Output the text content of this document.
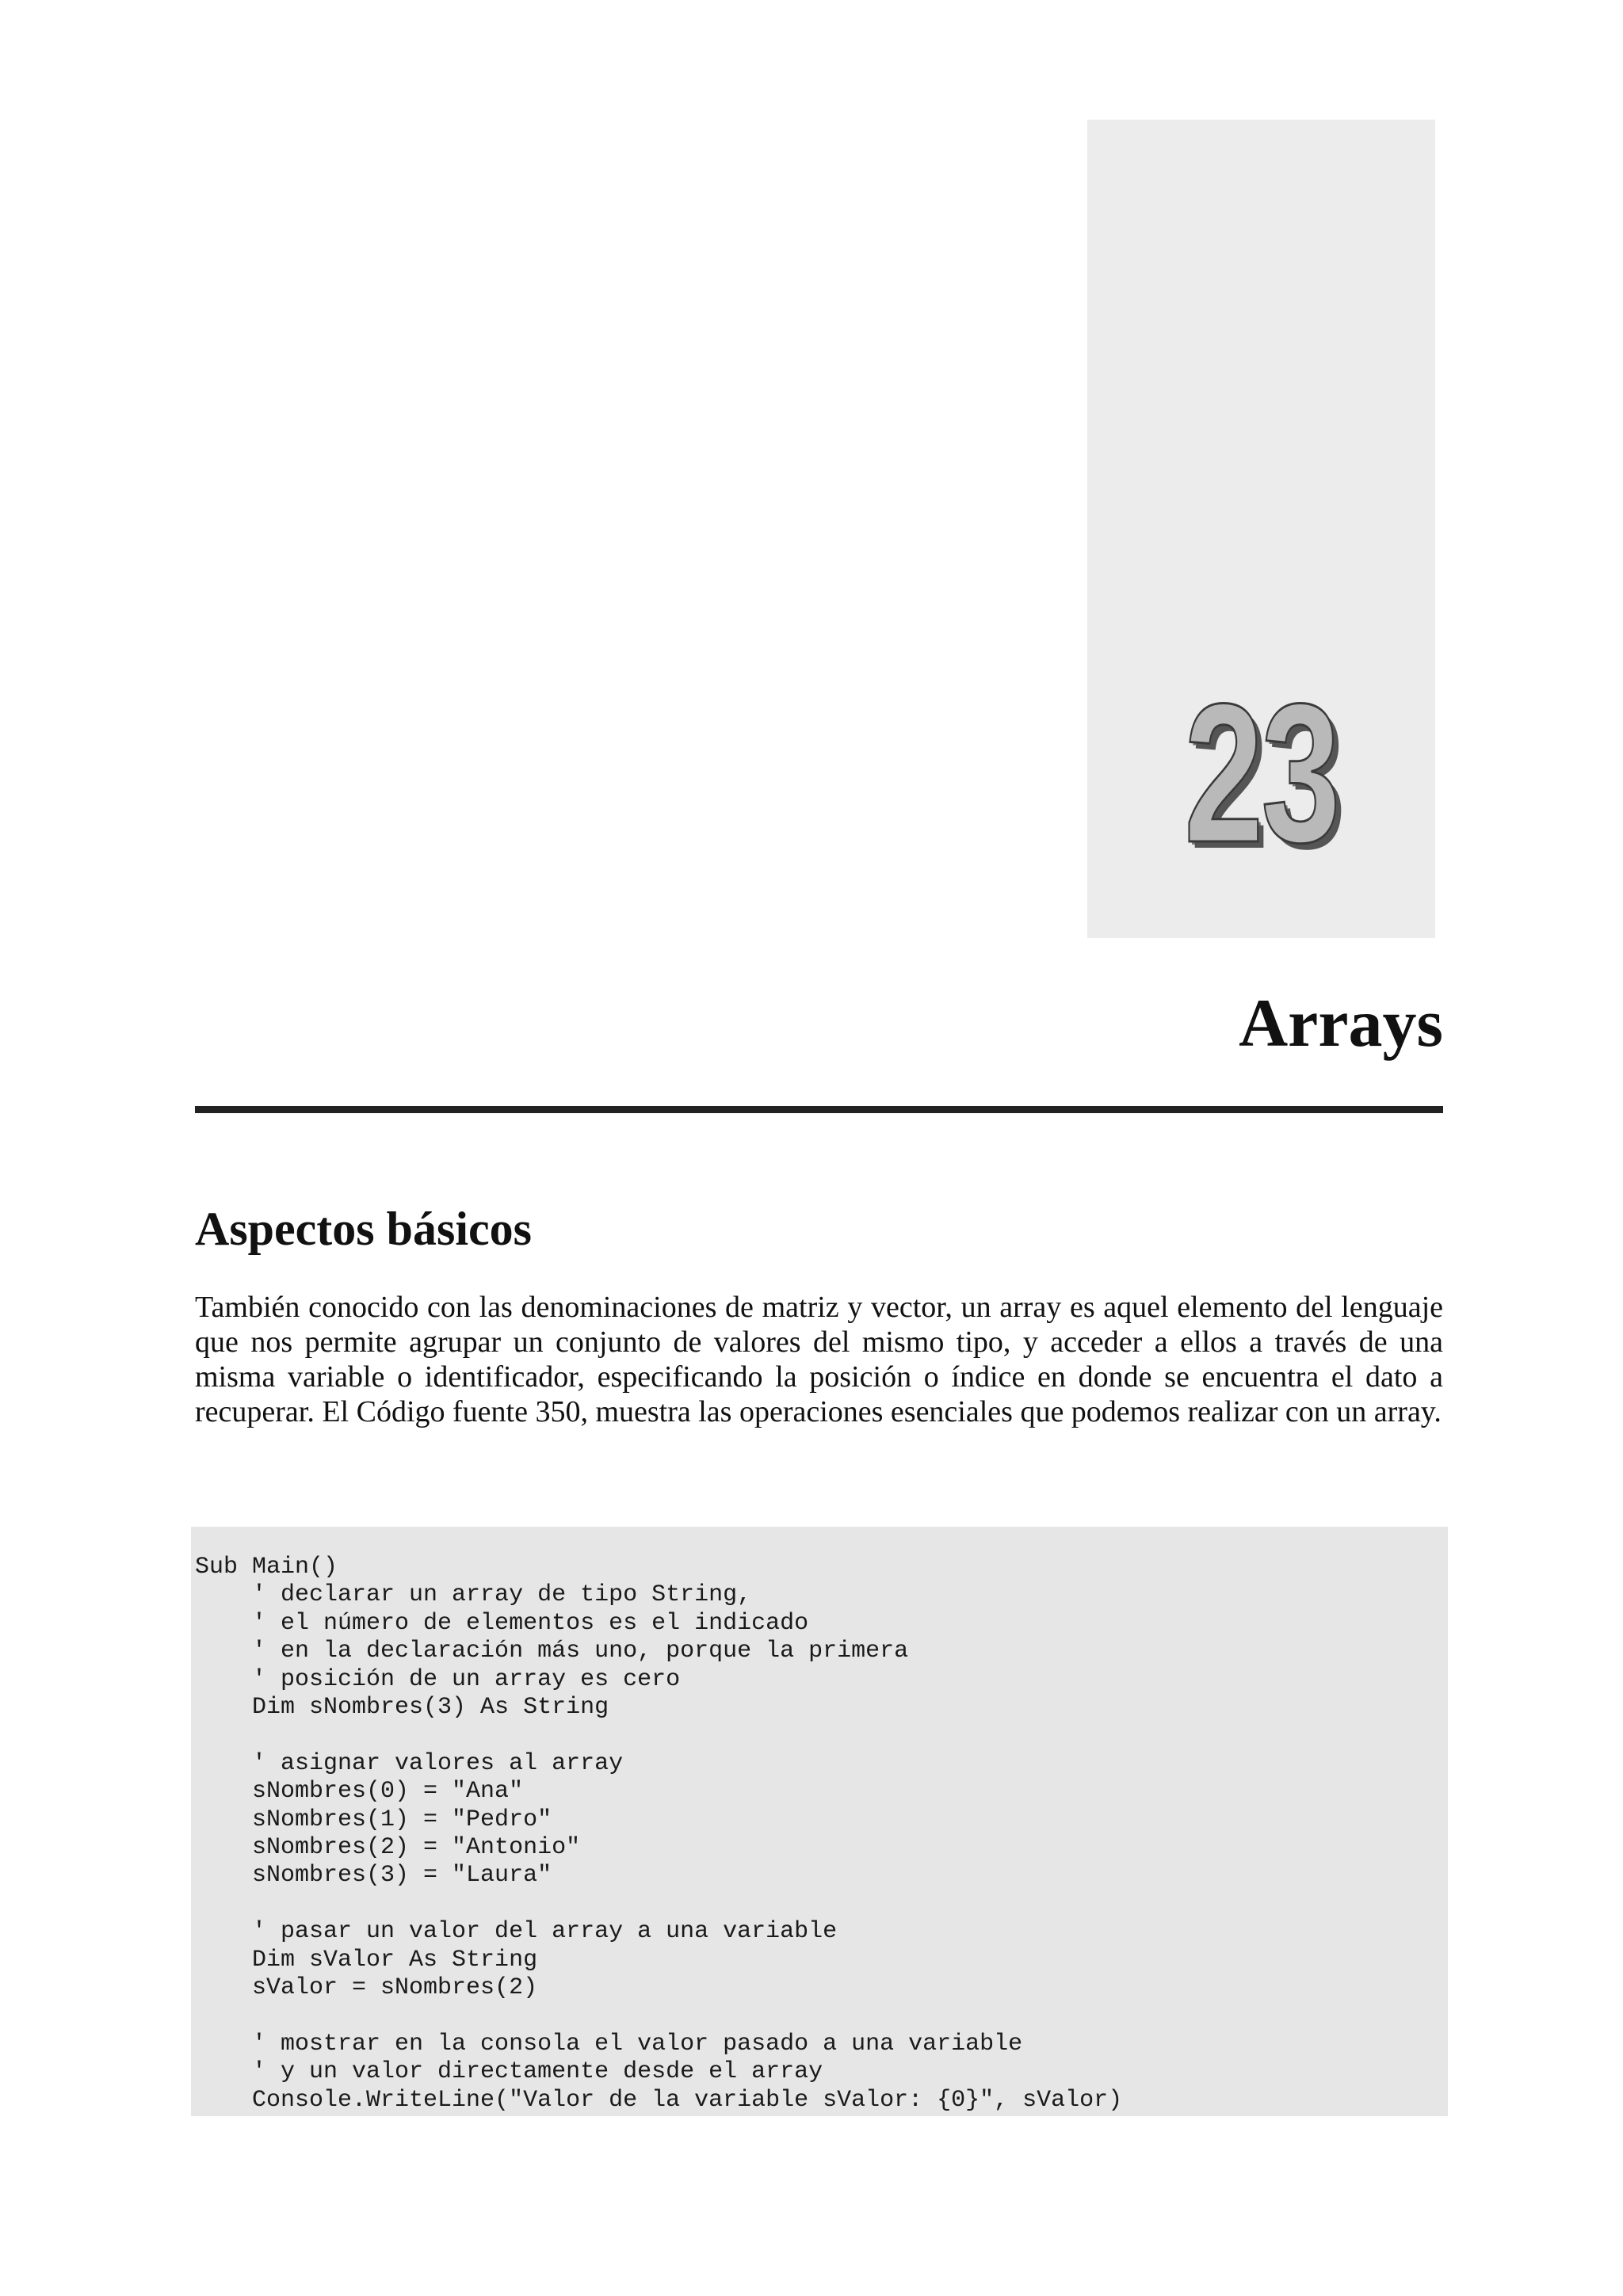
23
Arrays
Aspectos básicos

También conocido con las denominaciones de matriz y vector, un array es aquel elemento del lenguaje que nos permite agrupar un conjunto de valores del mismo tipo, y acceder a ellos a través de una misma variable o identificador, especificando la posición o índice en donde se encuentra el dato a recuperar. El Código fuente 350, muestra las operaciones esenciales que podemos realizar con un array.

Sub Main()
' declarar un array de tipo String,
' el número de elementos es el indicado
' en la declaración más uno, porque la primera
' posición de un array es cero
Dim sNombres(3) As String

' asignar valores al array
sNombres(0) = "Ana"
sNombres(1) = "Pedro"
sNombres(2) = "Antonio"
sNombres(3) = "Laura"

' pasar un valor del array a una variable
Dim sValor As String
sValor = sNombres(2)

' mostrar en la consola el valor pasado a una variable
' y un valor directamente desde el array
Console.WriteLine("Valor de la variable sValor: {0}", sValor)
